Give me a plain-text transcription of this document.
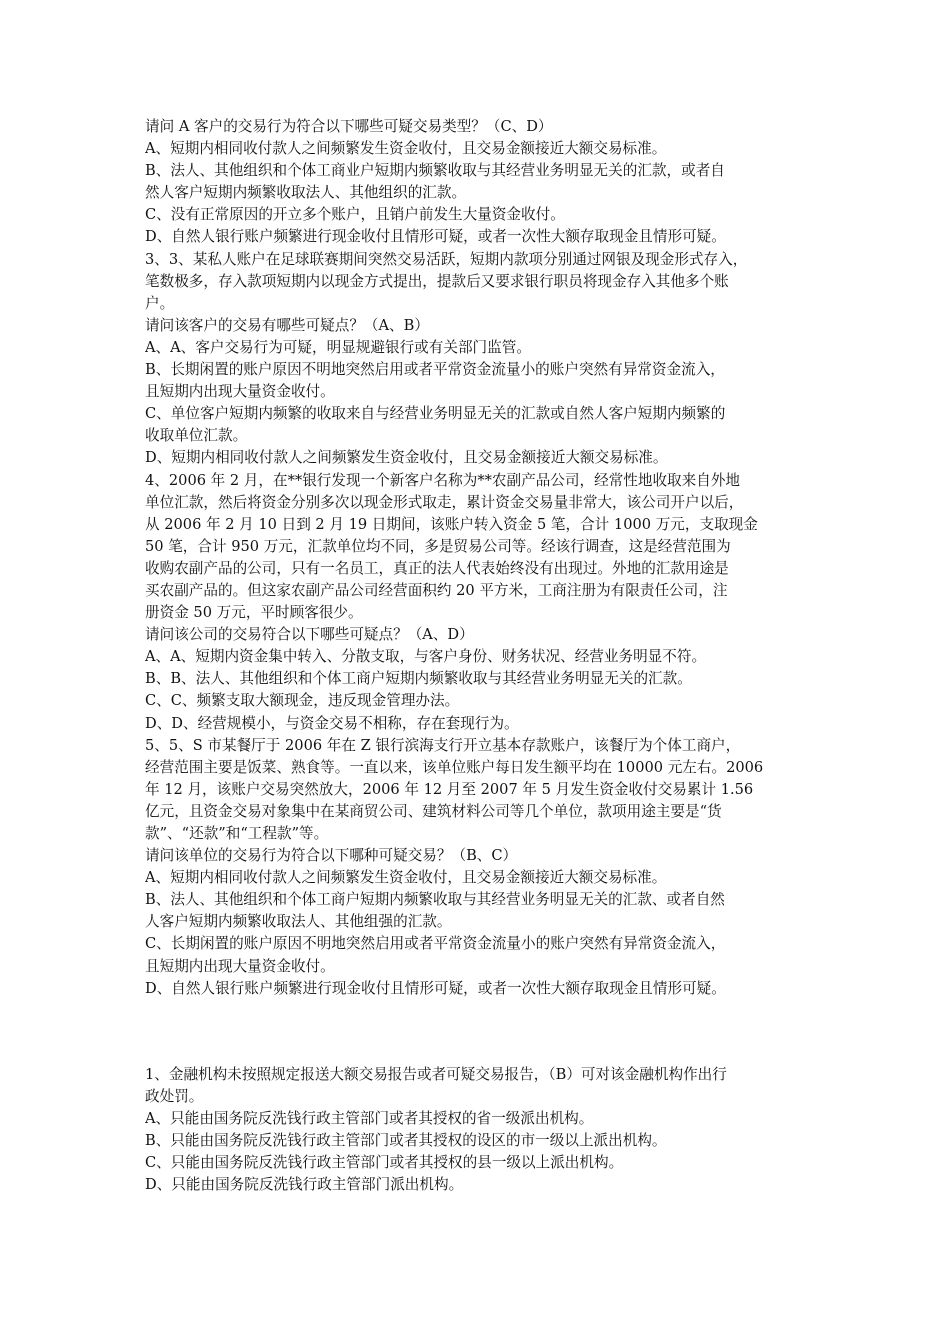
请问 A 客户的交易行为符合以下哪些可疑交易类型？（C、D）
A、短期内相同收付款人之间频繁发生资金收付，且交易金额接近大额交易标准。
B、法人、其他组织和个体工商业户短期内频繁收取与其经营业务明显无关的汇款，或者自
然人客户短期内频繁收取法人、其他组织的汇款。
C、没有正常原因的开立多个账户，且销户前发生大量资金收付。
D、自然人银行账户频繁进行现金收付且情形可疑，或者一次性大额存取现金且情形可疑。
3、3、某私人账户在足球联赛期间突然交易活跃，短期内款项分别通过网银及现金形式存入，
笔数极多，存入款项短期内以现金方式提出，提款后又要求银行职员将现金存入其他多个账
户。
请问该客户的交易有哪些可疑点？（A、B）
A、A、客户交易行为可疑，明显规避银行或有关部门监管。
B、长期闲置的账户原因不明地突然启用或者平常资金流量小的账户突然有异常资金流入，
且短期内出现大量资金收付。
C、单位客户短期内频繁的收取来自与经营业务明显无关的汇款或自然人客户短期内频繁的
收取单位汇款。
D、短期内相同收付款人之间频繁发生资金收付，且交易金额接近大额交易标准。
4、2006 年 2 月，在**银行发现一个新客户名称为**农副产品公司，经常性地收取来自外地
单位汇款，然后将资金分别多次以现金形式取走，累计资金交易量非常大，该公司开户以后，
从 2006 年 2 月 10 日到 2 月 19 日期间，该账户转入资金 5 笔，合计 1000 万元，支取现金
50 笔，合计 950 万元，汇款单位均不同，多是贸易公司等。经该行调查，这是经营范围为
收购农副产品的公司，只有一名员工，真正的法人代表始终没有出现过。外地的汇款用途是
买农副产品的。但这家农副产品公司经营面积约 20 平方米，工商注册为有限责任公司，注
册资金 50 万元，平时顾客很少。
请问该公司的交易符合以下哪些可疑点？（A、D）
A、A、短期内资金集中转入、分散支取，与客户身份、财务状况、经营业务明显不符。
B、B、法人、其他组织和个体工商户短期内频繁收取与其经营业务明显无关的汇款。
C、C、频繁支取大额现金，违反现金管理办法。
D、D、经营规模小，与资金交易不相称，存在套现行为。
5、5、S 市某餐厅于 2006 年在 Z 银行滨海支行开立基本存款账户，该餐厅为个体工商户，
经营范围主要是饭菜、熟食等。一直以来，该单位账户每日发生额平均在 10000 元左右。2006
年 12 月，该账户交易突然放大，2006 年 12 月至 2007 年 5 月发生资金收付交易累计 1.56
亿元，且资金交易对象集中在某商贸公司、建筑材料公司等几个单位，款项用途主要是“货
款”、“还款”和“工程款”等。
请问该单位的交易行为符合以下哪种可疑交易？（B、C）
A、短期内相同收付款人之间频繁发生资金收付，且交易金额接近大额交易标准。
B、法人、其他组织和个体工商户短期内频繁收取与其经营业务明显无关的汇款、或者自然
人客户短期内频繁收取法人、其他组强的汇款。
C、长期闲置的账户原因不明地突然启用或者平常资金流量小的账户突然有异常资金流入，
且短期内出现大量资金收付。
D、自然人银行账户频繁进行现金收付且情形可疑，或者一次性大额存取现金且情形可疑。
1、金融机构未按照规定报送大额交易报告或者可疑交易报告，（B）可对该金融机构作出行
政处罚。
A、只能由国务院反洗钱行政主管部门或者其授权的省一级派出机构。
B、只能由国务院反洗钱行政主管部门或者其授权的设区的市一级以上派出机构。
C、只能由国务院反洗钱行政主管部门或者其授权的县一级以上派出机构。
D、只能由国务院反洗钱行政主管部门派出机构。
